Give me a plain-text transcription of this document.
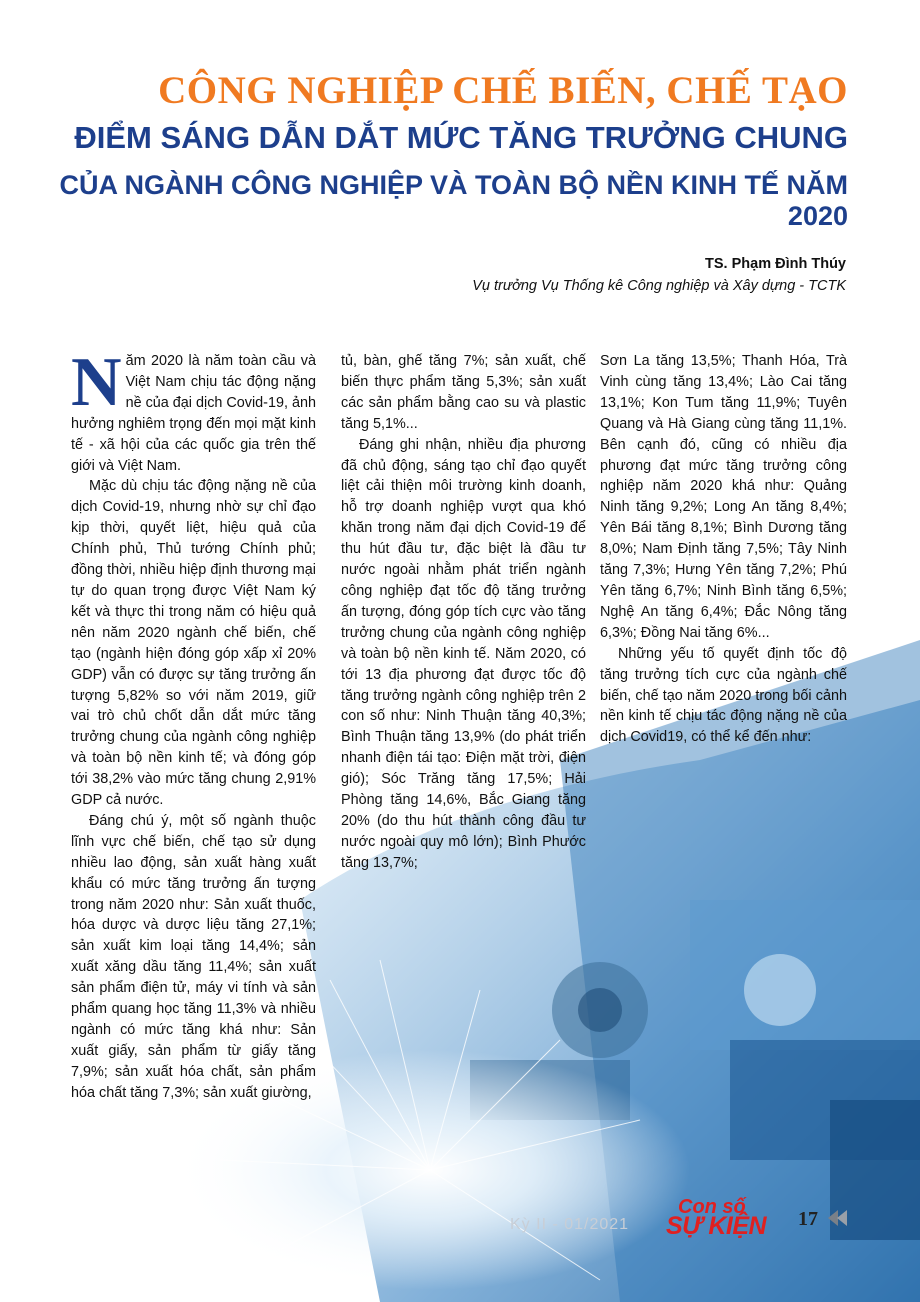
CÔNG NGHIỆP CHẾ BIẾN, CHẾ TẠO
ĐIỂM SÁNG DẪN DẮT MỨC TĂNG TRƯỞNG CHUNG
CỦA NGÀNH CÔNG NGHIỆP VÀ TOÀN BỘ NỀN KINH TẾ NĂM 2020
TS. Phạm Đình Thúy
Vụ trưởng Vụ Thống kê Công nghiệp và Xây dựng - TCTK

Năm 2020 là năm toàn cầu và Việt Nam chịu tác động nặng nề của đại dịch Covid-19, ảnh hưởng nghiêm trọng đến mọi mặt kinh tế - xã hội của các quốc gia trên thế giới và Việt Nam.

Mặc dù chịu tác động nặng nề của dịch Covid-19, nhưng nhờ sự chỉ đạo kịp thời, quyết liệt, hiệu quả của Chính phủ, Thủ tướng Chính phủ; đồng thời, nhiều hiệp định thương mại tự do quan trọng được Việt Nam ký kết và thực thi trong năm có hiệu quả nên năm 2020 ngành chế biến, chế tạo (ngành hiện đóng góp xấp xỉ 20% GDP) vẫn có được sự tăng trưởng ấn tượng 5,82% so với năm 2019, giữ vai trò chủ chốt dẫn dắt mức tăng trưởng chung của ngành công nghiệp và toàn bộ nền kinh tế; và đóng góp tới 38,2% vào mức tăng chung 2,91% GDP cả nước.

Đáng chú ý, một số ngành thuộc lĩnh vực chế biến, chế tạo sử dụng nhiều lao động, sản xuất hàng xuất khẩu có mức tăng trưởng ấn tượng trong năm 2020 như: Sản xuất thuốc, hóa dược và dược liệu tăng 27,1%; sản xuất kim loại tăng 14,4%; sản xuất xăng dầu tăng 11,4%; sản xuất sản phẩm điện tử, máy vi tính và sản phẩm quang học tăng 11,3% và nhiều ngành có mức tăng khá như: Sản xuất giấy, sản phẩm từ giấy tăng 7,9%; sản xuất hóa chất, sản phẩm hóa chất tăng 7,3%; sản xuất giường,

tủ, bàn, ghế tăng 7%; sản xuất, chế biến thực phẩm tăng 5,3%; sản xuất các sản phẩm bằng cao su và plastic tăng 5,1%...

Đáng ghi nhận, nhiều địa phương đã chủ động, sáng tạo chỉ đạo quyết liệt cải thiện môi trường kinh doanh, hỗ trợ doanh nghiệp vượt qua khó khăn trong năm đại dịch Covid-19 để thu hút đầu tư, đặc biệt là đầu tư nước ngoài nhằm phát triển ngành công nghiệp đạt tốc độ tăng trưởng ấn tượng, đóng góp tích cực vào tăng trưởng chung của ngành công nghiệp và toàn bộ nền kinh tế. Năm 2020, có tới 13 địa phương đạt được tốc độ tăng trưởng ngành công nghiệp trên 2 con số như: Ninh Thuận tăng 40,3%; Bình Thuận tăng 13,9% (do phát triển nhanh điện tái tạo: Điện mặt trời, điện gió); Sóc Trăng tăng 17,5%; Hải Phòng tăng 14,6%, Bắc Giang tăng 20% (do thu hút thành công đầu tư nước ngoài quy mô lớn); Bình Phước tăng 13,7%;

Sơn La tăng 13,5%; Thanh Hóa, Trà Vinh cùng tăng 13,4%; Lào Cai tăng 13,1%; Kon Tum tăng 11,9%; Tuyên Quang và Hà Giang cùng tăng 11,1%. Bên cạnh đó, cũng có nhiều địa phương đạt mức tăng trưởng công nghiệp năm 2020 khá như: Quảng Ninh tăng 9,2%; Long An tăng 8,4%; Yên Bái tăng 8,1%; Bình Dương tăng 8,0%; Nam Định tăng 7,5%; Tây Ninh tăng 7,3%; Hưng Yên tăng 7,2%; Phú Yên tăng 6,7%; Ninh Bình tăng 6,5%; Nghệ An tăng 6,4%; Đắc Nông tăng 6,3%; Đồng Nai tăng 6%...

Những yếu tố quyết định tốc độ tăng trưởng tích cực của ngành chế biến, chế tạo năm 2020 trong bối cảnh nền kinh tế chịu tác động nặng nề của dịch Covid19, có thể kể đến như:

Kỳ II - 01/2021
Con số
SỰ KIỆN 17
